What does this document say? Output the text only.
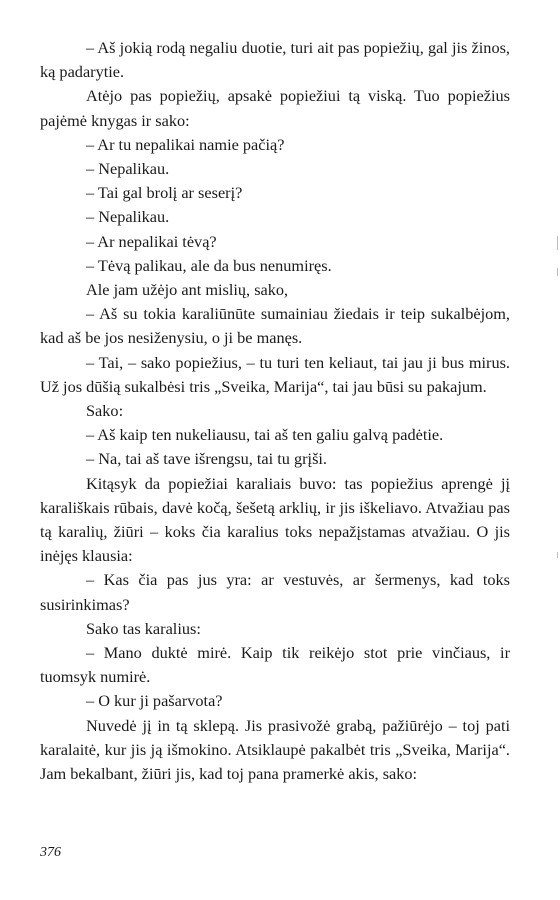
– Aš jokią rodą negaliu duotie, turi ait pas popiežių, gal jis žinos, ką padarytie.

Atėjo pas popiežių, apsakė popiežiui tą viską. Tuo popiežius pajėmė knygas ir sako:

– Ar tu nepalikai namie pačią?

– Nepalikau.

– Tai gal brolį ar seserį?

– Nepalikau.

– Ar nepalikai tėvą?

– Tėvą palikau, ale da bus nenumiręs.

Ale jam užėjo ant mislių, sako,

– Aš su tokia karaliūnūte sumainiau žiedais ir teip sukalbėjom, kad aš be jos nesiženysiu, o ji be manęs.

– Tai, – sako popiežius, – tu turi ten keliaut, tai jau ji bus mirus. Už jos dūšią sukalbėsi tris „Sveika, Marija“, tai jau būsi su pakajum.

Sako:

– Aš kaip ten nukeliausu, tai aš ten galiu galvą padėtie.

– Na, tai aš tave išrengsu, tai tu grįši.

Kitąsyk da popiežiai karaliais buvo: tas popiežius aprengė jį karališkais rūbais, davė kočą, šešetą arklių, ir jis iškeliavo. Atvažiau pas tą karalių, žiūri – koks čia karalius toks nepažįstamas atvažiau. O jis inėjęs klausia:

– Kas čia pas jus yra: ar vestuvės, ar šermenys, kad toks susirinkimas?

Sako tas karalius:

– Mano duktė mirė. Kaip tik reikėjo stot prie vinčiaus, ir tuomsyk numirė.

– O kur ji pašarvota?

Nuvedė jį in tą sklepą. Jis prasivožė grabą, pažiūrėjo – toj pati karalaitė, kur jis ją išmokino. Atsiklaupė pakalbėt tris „Sveika, Marija“. Jam bekalbant, žiūri jis, kad toj pana pramerkė akis, sako:

376
